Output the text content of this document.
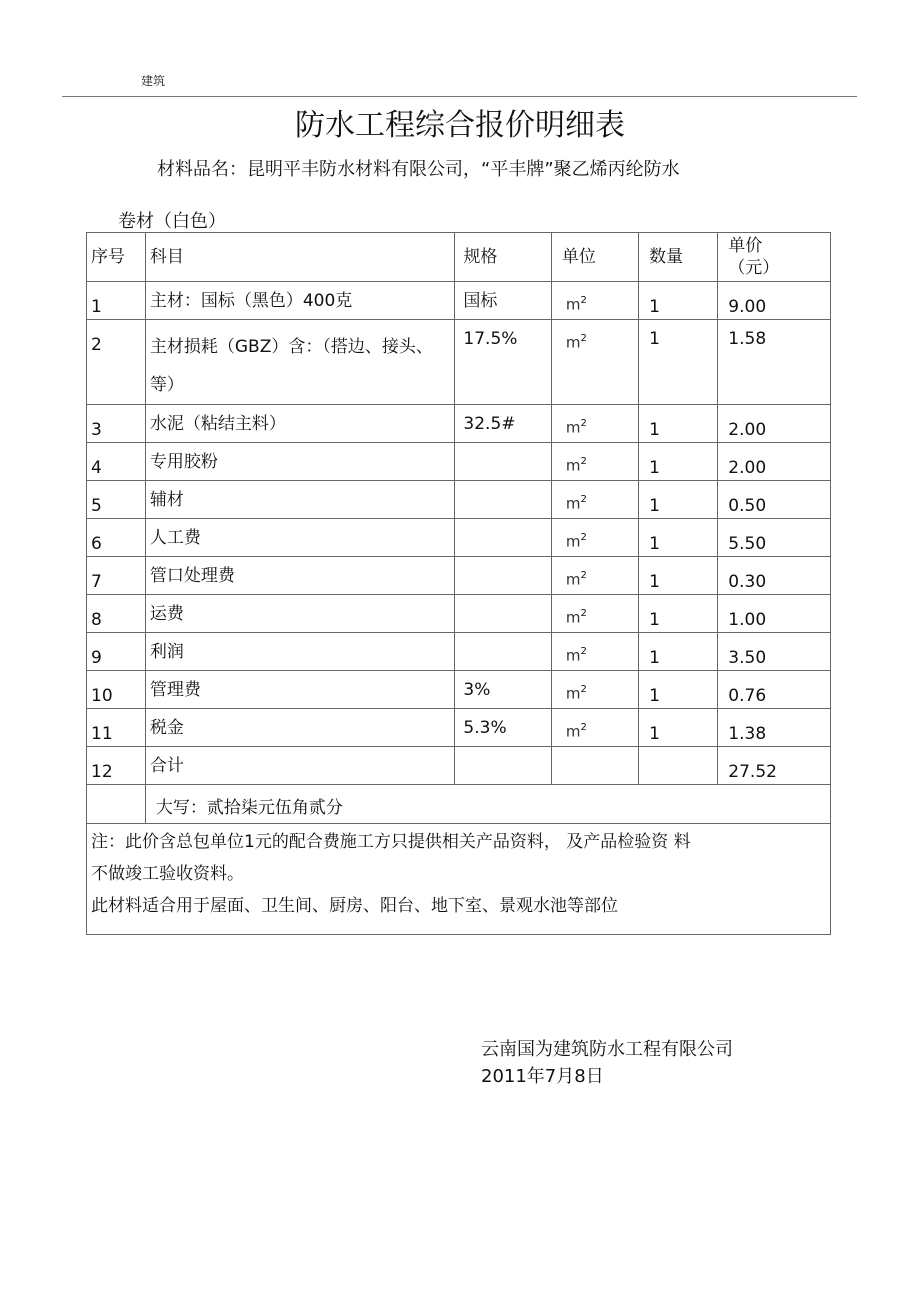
建筑
防水工程综合报价明细表
材料品名：昆明平丰防水材料有限公司，“平丰牌”聚乙烯丙纶防水
卷材（白色）
序号	科目	规格	单位	数量	单价
（元）

1	主材：国标（黑色）400克	国标	$m^2$	1	9.00

2	主材损耗（GBZ）含：（搭边、接头、等）	17.5%	$m^2$	1	1.58

3	水泥（粘结主料）	32.5#	$m^2$	1	2.00

4	专用胶粉		$m^2$	1	2.00

5	辅材		$m^2$	1	0.50

6	人工费		$m^2$	1	5.50

7	管口处理费		$m^2$	1	0.30

8	运费		$m^2$	1	1.00

9	利润		$m^2$	1	3.50

10	管理费	3%	$m^2$	1	0.76

11	税金	5.3%	$m^2$	1	1.38

12	合计				27.52

	大写：贰拾柒元伍角贰分				

注：此价含总包单位1元的配合费施工方只提供相关产品资料， 及产品检验资 料
不做竣工验收资料。
此材料适合用于屋面、卫生间、厨房、阳台、地下室、景观水池等部位					
云南国为建筑防水工程有限公司
2011年7月8日
